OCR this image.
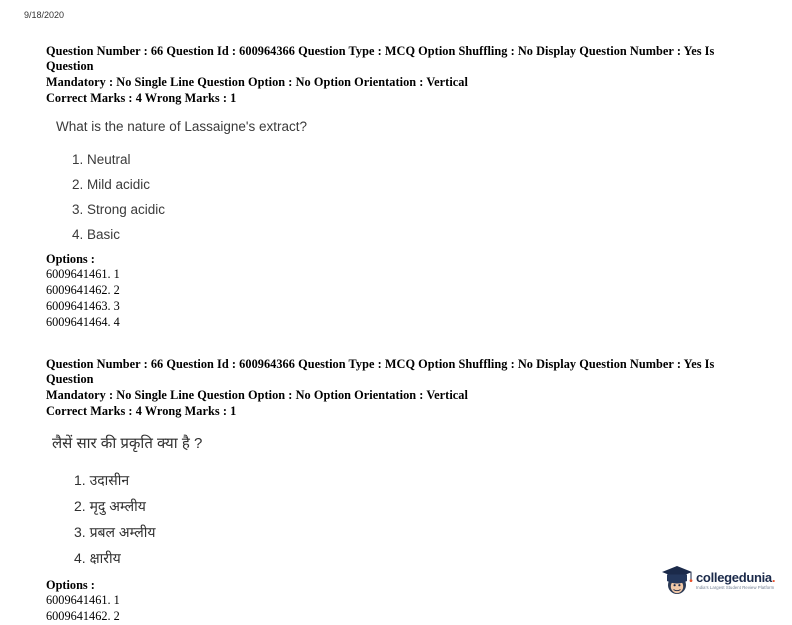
9/18/2020
Question Number : 66 Question Id : 600964366 Question Type : MCQ Option Shuffling : No Display Question Number : Yes Is Question
Mandatory : No Single Line Question Option : No Option Orientation : Vertical
Correct Marks : 4 Wrong Marks : 1
What is the nature of Lassaigne's extract?
1. Neutral
2. Mild acidic
3. Strong acidic
4. Basic
Options :
6009641461. 1
6009641462. 2
6009641463. 3
6009641464. 4
Question Number : 66 Question Id : 600964366 Question Type : MCQ Option Shuffling : No Display Question Number : Yes Is Question
Mandatory : No Single Line Question Option : No Option Orientation : Vertical
Correct Marks : 4 Wrong Marks : 1
लैसें सार की प्रकृति क्या है ?
1. उदासीन
2. मृदु अम्लीय
3. प्रबल अम्लीय
4. क्षारीय
Options :
6009641461. 1
6009641462. 2
collegedunia.
India's Largest Student Review Platform
